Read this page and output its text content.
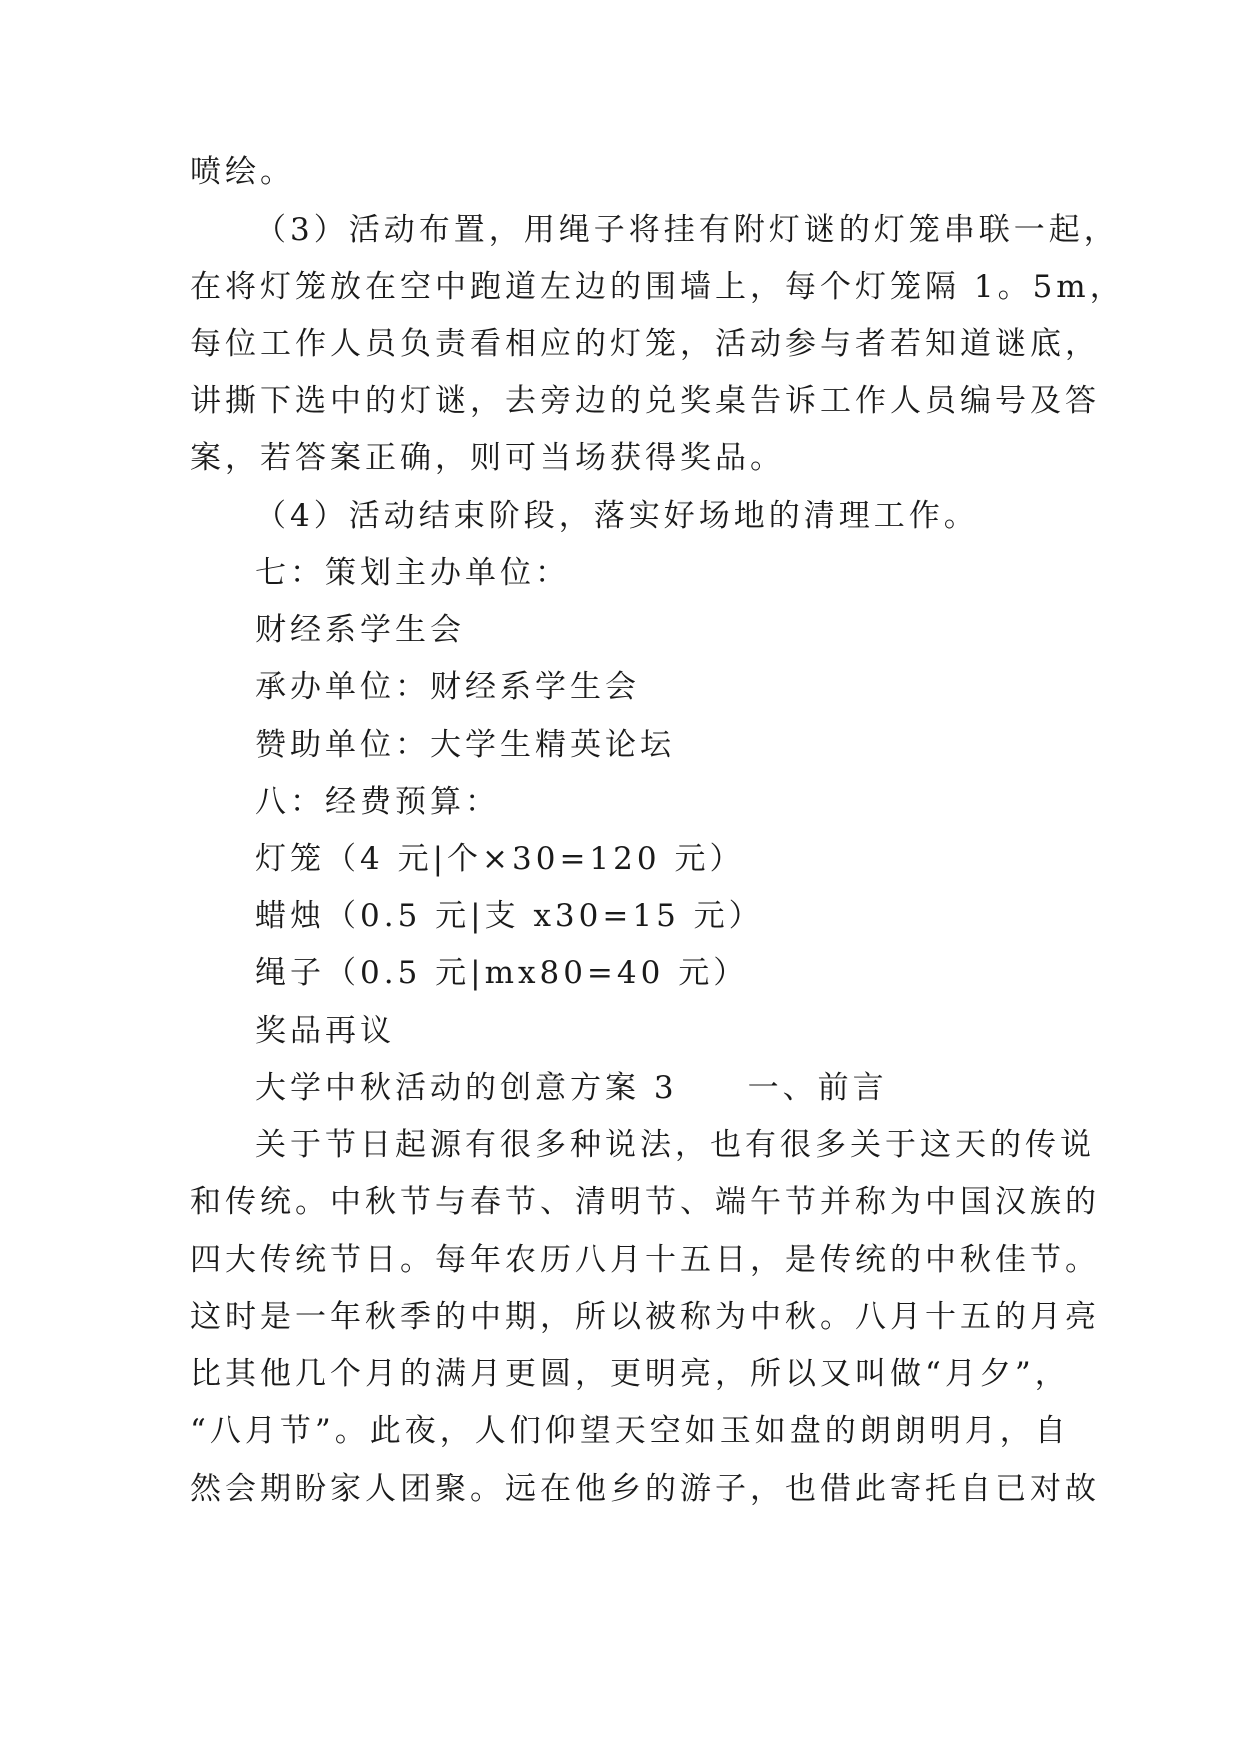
喷绘。
（3）活动布置，用绳子将挂有附灯谜的灯笼串联一起，
在将灯笼放在空中跑道左边的围墙上，每个灯笼隔 1。5m，
每位工作人员负责看相应的灯笼，活动参与者若知道谜底，
讲撕下选中的灯谜，去旁边的兑奖桌告诉工作人员编号及答
案，若答案正确，则可当场获得奖品。
（4）活动结束阶段，落实好场地的清理工作。
七：策划主办单位：
财经系学生会
承办单位：财经系学生会
赞助单位：大学生精英论坛
八：经费预算：
灯笼（4 元|个×30=120 元）
蜡烛（0.5 元|支 x30=15 元）
绳子（0.5 元|mx80=40 元）
奖品再议
大学中秋活动的创意方案 3 一、前言
关于节日起源有很多种说法，也有很多关于这天的传说
和传统。中秋节与春节、清明节、端午节并称为中国汉族的
四大传统节日。每年农历八月十五日，是传统的中秋佳节。
这时是一年秋季的中期，所以被称为中秋。八月十五的月亮
比其他几个月的满月更圆，更明亮，所以又叫做“月夕”，
“八月节”。此夜，人们仰望天空如玉如盘的朗朗明月，自
然会期盼家人团聚。远在他乡的游子，也借此寄托自已对故
